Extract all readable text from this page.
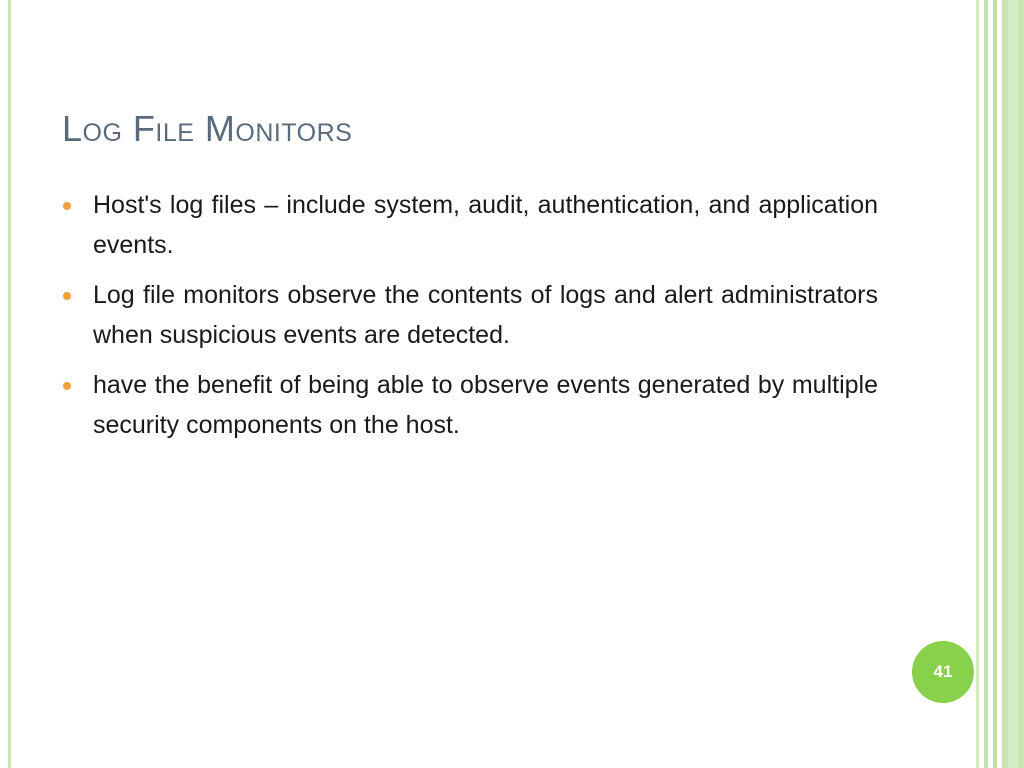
Log File Monitors
Host's log files – include system, audit, authentication, and application events.
Log file monitors observe the contents of logs and alert administrators when suspicious events are detected.
have the benefit of being able to observe events generated by multiple security components on the host.
41
